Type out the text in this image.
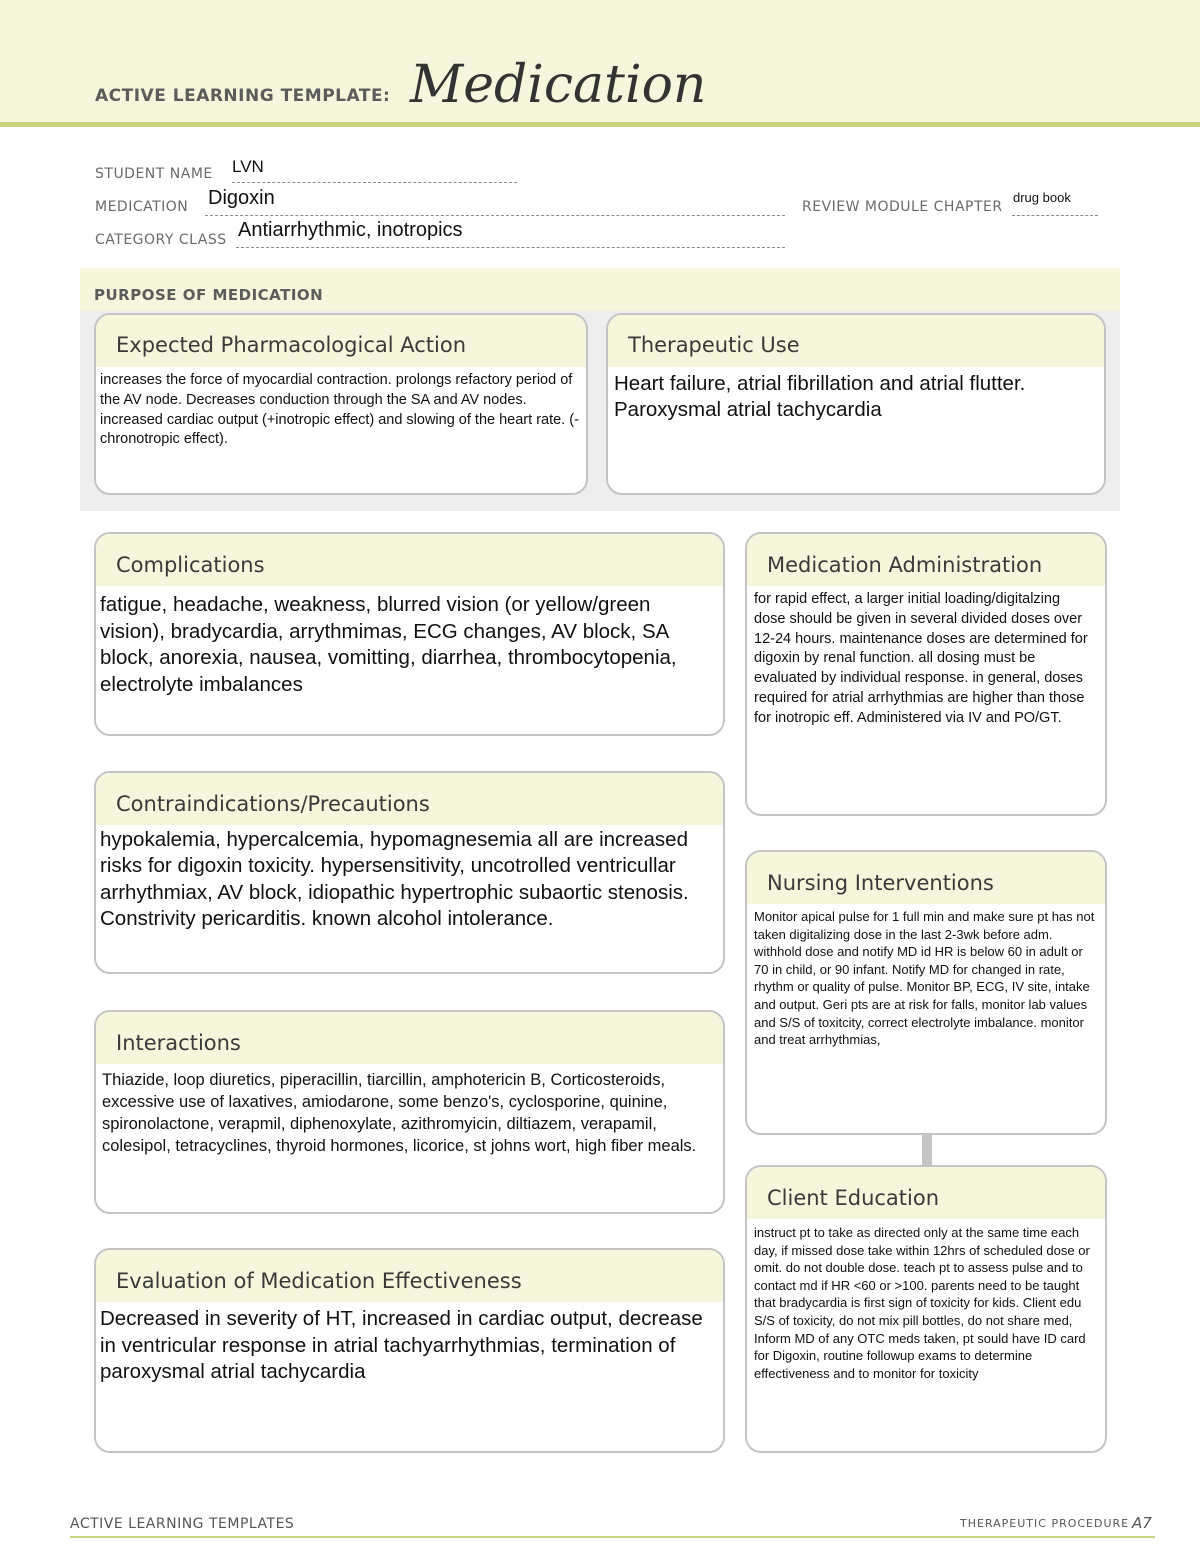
ACTIVE LEARNING TEMPLATE: Medication
STUDENT NAME LVN
MEDICATION Digoxin	REVIEW MODULE CHAPTER
drug book
CATEGORY CLASS Antiarrhythmic, inotropics
PURPOSE OF MEDICATION
Expected Pharmacological Action
increases the force of myocardial contraction. prolongs refactory period of the AV node. Decreases conduction through the SA and AV nodes. increased cardiac output (+inotropic effect) and slowing of the heart rate. (-chronotropic effect).
Therapeutic Use
Heart failure, atrial fibrillation and atrial flutter. Paroxysmal atrial tachycardia
Complications
fatigue, headache, weakness, blurred vision (or yellow/green vision), bradycardia, arrythmimas, ECG changes, AV block, SA block, anorexia, nausea, vomitting, diarrhea, thrombocytopenia, electrolyte imbalances
Medication Administration
for rapid effect, a larger initial loading/digitalzing dose should be given in several divided doses over 12-24 hours. maintenance doses are determined for digoxin by renal function. all dosing must be evaluated by individual response. in general, doses required for atrial arrhythmias are higher than those for inotropic eff. Administered via IV and PO/GT.
Contraindications/Precautions
hypokalemia, hypercalcemia, hypomagnesemia all are increased risks for digoxin toxicity. hypersensitivity, uncotrolled ventricullar arrhythmiax, AV block, idiopathic hypertrophic subaortic stenosis. Constrivity pericarditis. known alcohol intolerance.
Nursing Interventions
Monitor apical pulse for 1 full min and make sure pt has not taken digitalizing dose in the last 2-3wk before adm. withhold dose and notify MD id HR is below 60 in adult or 70 in child, or 90 infant. Notify MD for changed in rate, rhythm or quality of pulse. Monitor BP, ECG, IV site, intake and output. Geri pts are at risk for falls, monitor lab values and S/S of toxitcity, correct electrolyte imbalance. monitor and treat arrhythmias,
Interactions
Thiazide, loop diuretics, piperacillin, tiarcillin, amphotericin B, Corticosteroids, excessive use of laxatives, amiodarone, some benzo's, cyclosporine, quinine, spironolactone, verapmil, diphenoxylate, azithromyicin, diltiazem, verapamil, colesipol, tetracyclines, thyroid hormones, licorice, st johns wort, high fiber meals.
Client Education
instruct pt to take as directed only at the same time each day, if missed dose take within 12hrs of scheduled dose or omit. do not double dose. teach pt to assess pulse and to contact md if HR <60 or >100. parents need to be taught that bradycardia is first sign of toxicity for kids. Client edu S/S of toxicity, do not mix pill bottles, do not share med, Inform MD of any OTC meds taken, pt sould have ID card for Digoxin, routine followup exams to determine effectiveness and to monitor for toxicity
Evaluation of Medication Effectiveness
Decreased in severity of HT, increased in cardiac output, decrease in ventricular response in atrial tachyarrhythmias, termination of paroxysmal atrial tachycardia
ACTIVE LEARNING TEMPLATES	THERAPEUTIC PROCEDURE A7
